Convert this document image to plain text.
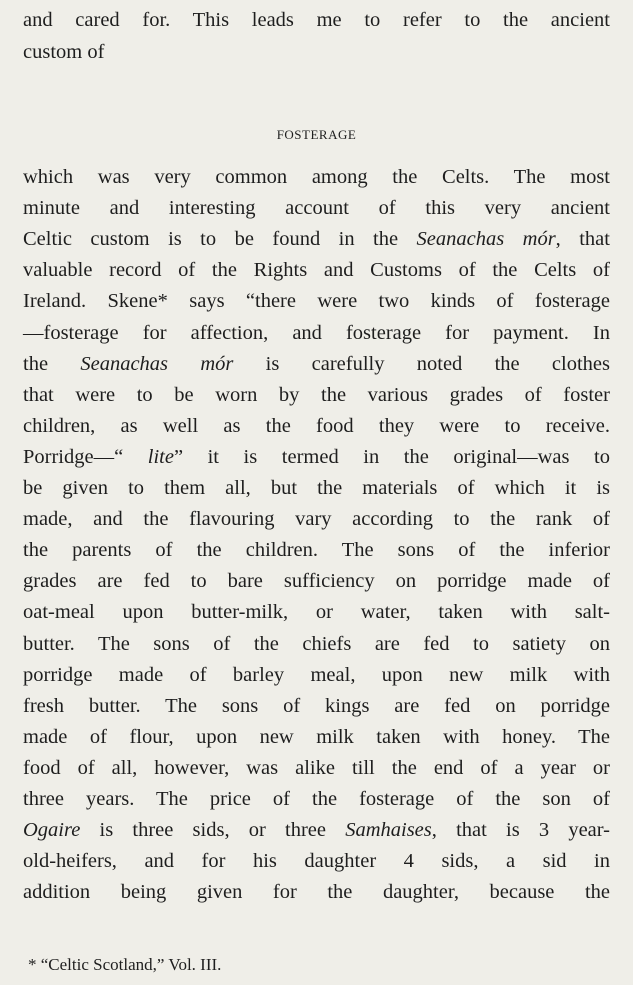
and cared for. This leads me to refer to the ancient
custom of
FOSTERAGE
which was very common among the Celts. The most
minute and interesting account of this very ancient
Celtic custom is to be found in the Seanachas mór, that
valuable record of the Rights and Customs of the Celts of
Ireland. Skene* says “there were two kinds of fosterage
—fosterage for affection, and fosterage for payment. In
the Seanachas mór is carefully noted the clothes
that were to be worn by the various grades of foster
children, as well as the food they were to receive.
Porridge—“ lite” it is termed in the original—was to
be given to them all, but the materials of which it is
made, and the flavouring vary according to the rank of
the parents of the children. The sons of the inferior
grades are fed to bare sufficiency on porridge made of
oat-meal upon butter-milk, or water, taken with salt-
butter. The sons of the chiefs are fed to satiety on
porridge made of barley meal, upon new milk with
fresh butter. The sons of kings are fed on porridge
made of flour, upon new milk taken with honey. The
food of all, however, was alike till the end of a year or
three years. The price of the fosterage of the son of
Ogaire is three sids, or three Samhaises, that is 3 year-
old-heifers, and for his daughter 4 sids, a sid in
addition being given for the daughter, because the
* “Celtic Scotland,” Vol. III.
